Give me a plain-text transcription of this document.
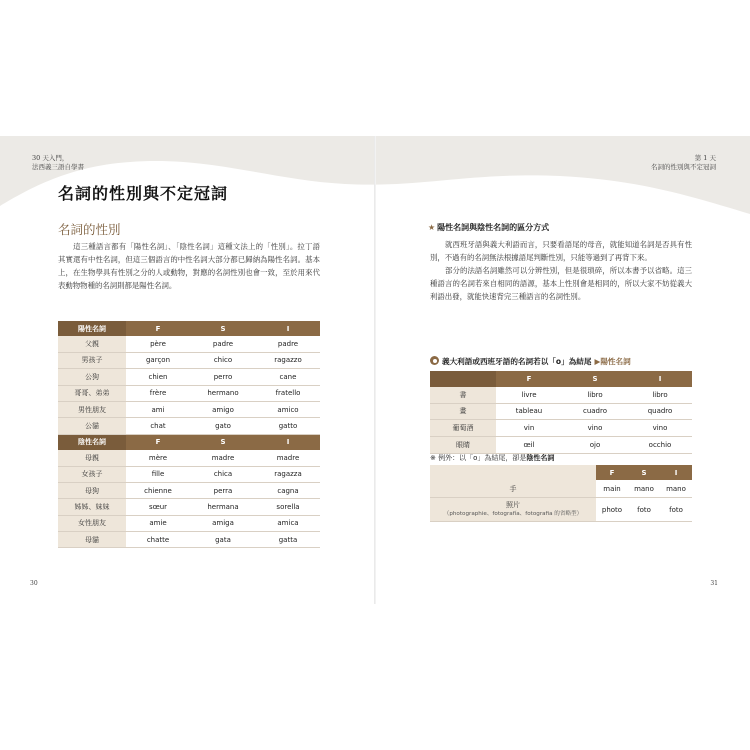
30 天入門，
法西義三語自學書
第 1 天
名詞的性別與不定冠詞
名詞的性別與不定冠詞
名詞的性別

　　這三種語言都有「陽性名詞」、「陰性名詞」這種文法上的「性別」。拉丁語其實還有中性名詞，但這三個語言的中性名詞大部分都已歸納為陽性名詞。基本上，在生物學具有性別之分的人或動物，對應的名詞性別也會一致，至於用來代表動物物種的名詞則都是陽性名詞。

陽性名詞	F	S	I
父親	père	padre	padre
男孩子	garçon	chico	ragazzo
公狗	chien	perro	cane
哥哥、弟弟	frère	hermano	fratello
男性朋友	ami	amigo	amico
公貓	chat	gato	gatto
陰性名詞	F	S	I
母親	mère	madre	madre
女孩子	fille	chica	ragazza
母狗	chienne	perra	cagna
姊姊、妹妹	sœur	hermana	sorella
女性朋友	amie	amiga	amica
母貓	chatte	gata	gatta
30
★ 陽性名詞與陰性名詞的區分方式

　　就西班牙語與義大利語而言，只要看語尾的母音，就能知道名詞是否具有性別，不過有的名詞無法根據語尾判斷性別，只能等過到了再背下來。

　　部分的法語名詞雖然可以分辨性別，但是很瑣碎，所以本書予以省略。這三種語言的名詞若來自相同的語源，基本上性別會是相同的，所以大家不妨從義大利語出發，就能快速背完三種語言的名詞性別。

義大利語或西班牙語的名詞若以「o」為結尾 ▶陽性名詞
	F	S	I
書	livre	libro	libro
畫	tableau	cuadro	quadro
葡萄酒	vin	vino	vino
眼睛	œil	ojo	occhio
※ 例外：以「o」為結尾，卻是陰性名詞
	F	S	I
手	main	mano	mano

照片
（photographie、fotografía、fotografia 的省略型）	photo	foto	foto
31
